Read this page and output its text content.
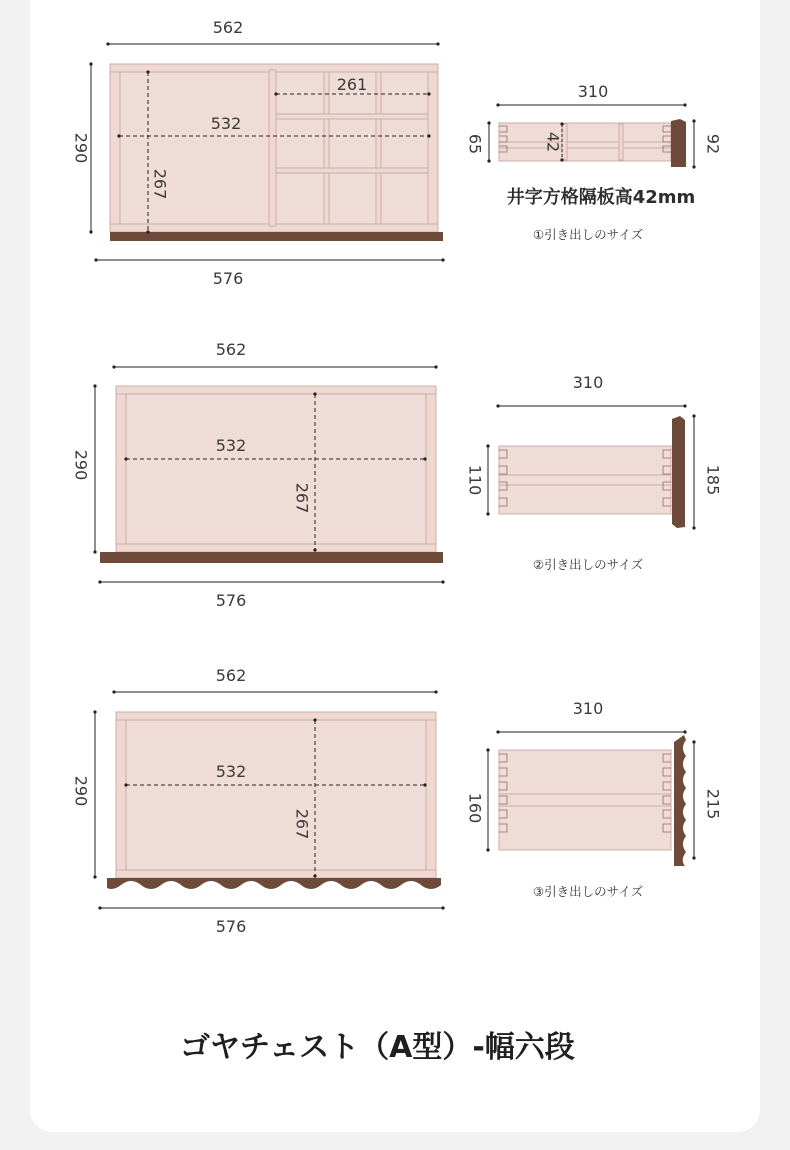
562
290
532
267
261
576
310
65	42	92
井字方格隔板高42mm
①引き出しのサイズ
562
290
532
267
576
310
110	185
②引き出しのサイズ
562
290
532
267
576
310
160	215
③引き出しのサイズ
ゴヤチェスト（A型）-幅六段
